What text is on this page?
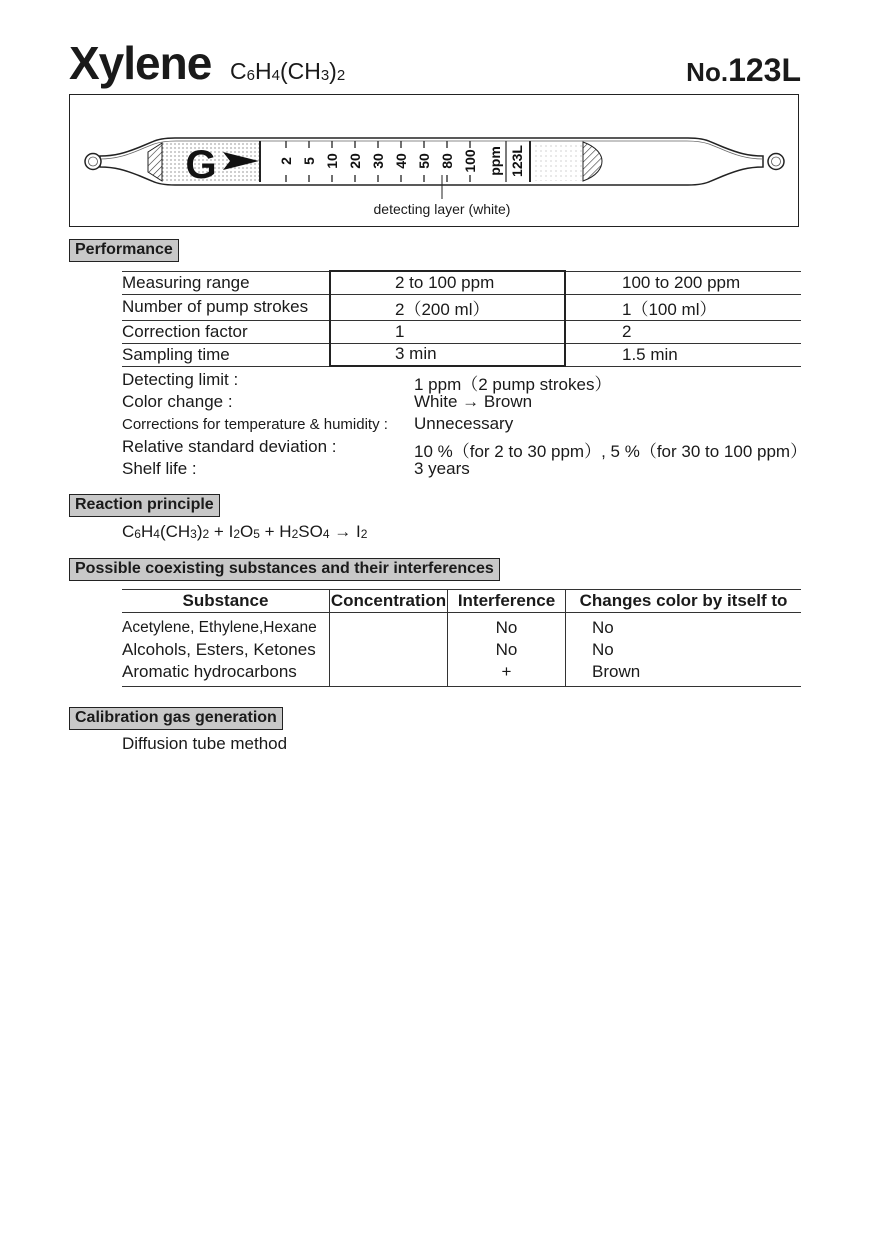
Xylene $C_6H_4(CH_3)_2$	No.123L
G	2 5 10 20 30 40 50 80 100 ppm 123L
detecting layer (white)
Performance
Measuring range	2 to 100 ppm	100 to 200 ppm
Number of pump strokes	2（200 ml）	1（100 ml）
Correction factor	1	2
Sampling time	3 min	1.5 min
Detecting limit :	1 ppm（2 pump strokes）
Color change :	White → Brown
Corrections for temperature & humidity : Unnecessary
Relative standard deviation :	10 %（for 2 to 30 ppm）, 5 %（for 30 to 100 ppm）
Shelf life :	3 years
Reaction principle
$C_6H_4(CH_3)_2 + I_2O_5 + H_2SO_4 \to I_2$
Possible coexisting substances and their interferences
Substance	Concentration	Interference	Changes color by itself to
Acetylene, Ethylene,Hexane		No	No
Alcohols, Esters, Ketones		No	No
Aromatic hydrocarbons		+	Brown
Calibration gas generation
Diffusion tube method
